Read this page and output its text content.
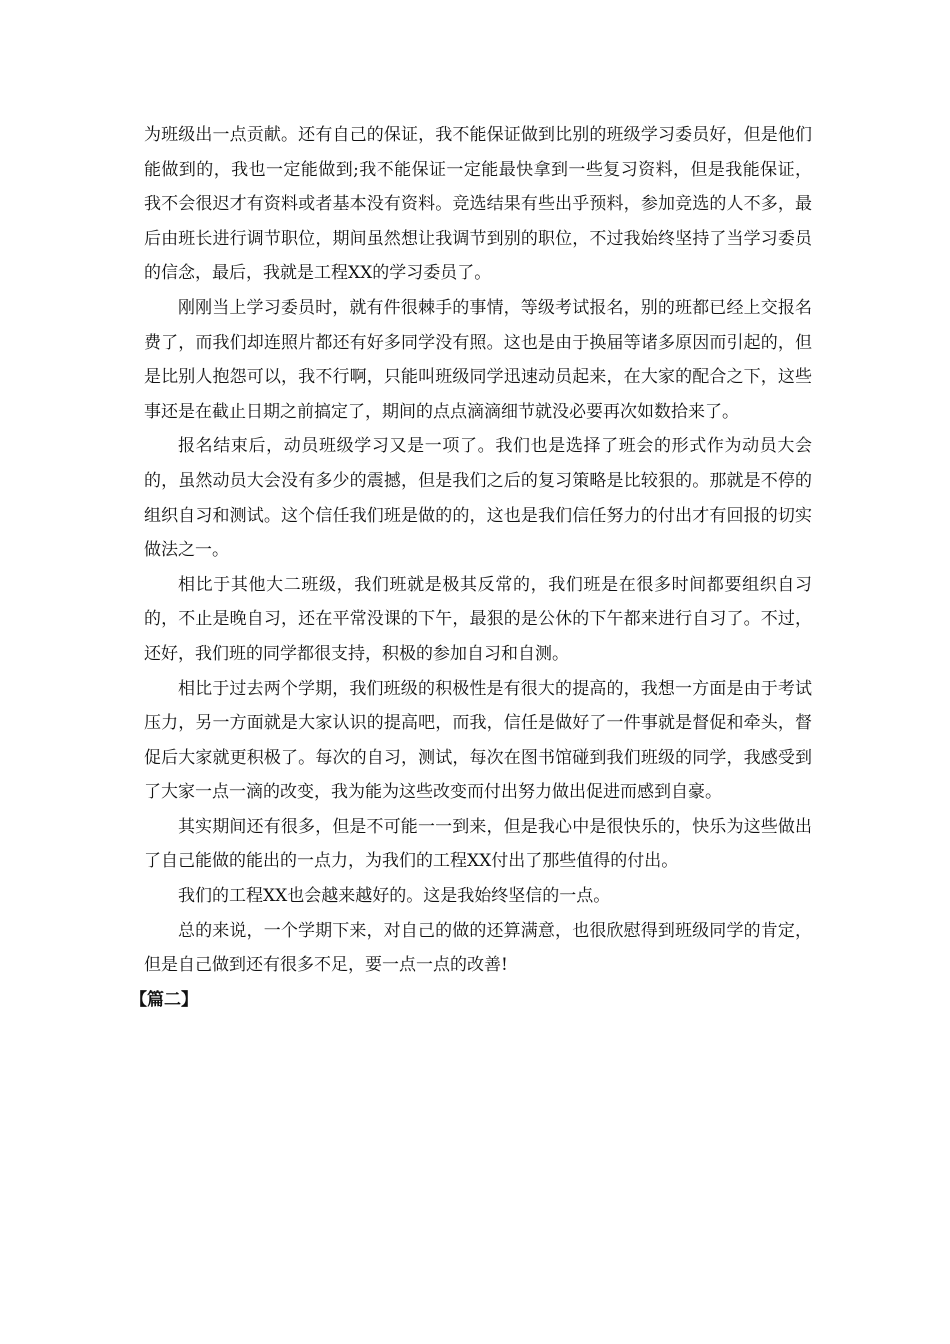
为班级出一点贡献。还有自己的保证，我不能保证做到比别的班级学习委员好，但是他们能做到的，我也一定能做到;我不能保证一定能最快拿到一些复习资料，但是我能保证，我不会很迟才有资料或者基本没有资料。竞选结果有些出乎预料，参加竞选的人不多，最后由班长进行调节职位，期间虽然想让我调节到别的职位，不过我始终坚持了当学习委员的信念，最后，我就是工程XX的学习委员了。

刚刚当上学习委员时，就有件很棘手的事情，等级考试报名，别的班都已经上交报名费了，而我们却连照片都还有好多同学没有照。这也是由于换届等诸多原因而引起的，但是比别人抱怨可以，我不行啊，只能叫班级同学迅速动员起来，在大家的配合之下，这些事还是在截止日期之前搞定了，期间的点点滴滴细节就没必要再次如数拾来了。

报名结束后，动员班级学习又是一项了。我们也是选择了班会的形式作为动员大会的，虽然动员大会没有多少的震撼，但是我们之后的复习策略是比较狠的。那就是不停的组织自习和测试。这个信任我们班是做的的，这也是我们信任努力的付出才有回报的切实做法之一。

相比于其他大二班级，我们班就是极其反常的，我们班是在很多时间都要组织自习的，不止是晚自习，还在平常没课的下午，最狠的是公休的下午都来进行自习了。不过，还好，我们班的同学都很支持，积极的参加自习和自测。

相比于过去两个学期，我们班级的积极性是有很大的提高的，我想一方面是由于考试压力，另一方面就是大家认识的提高吧，而我，信任是做好了一件事就是督促和牵头，督促后大家就更积极了。每次的自习，测试，每次在图书馆碰到我们班级的同学，我感受到了大家一点一滴的改变，我为能为这些改变而付出努力做出促进而感到自豪。

其实期间还有很多，但是不可能一一到来，但是我心中是很快乐的，快乐为这些做出了自己能做的能出的一点力，为我们的工程XX付出了那些值得的付出。

我们的工程XX也会越来越好的。这是我始终坚信的一点。

总的来说，一个学期下来，对自己的做的还算满意，也很欣慰得到班级同学的肯定，但是自己做到还有很多不足，要一点一点的改善!

【篇二】
